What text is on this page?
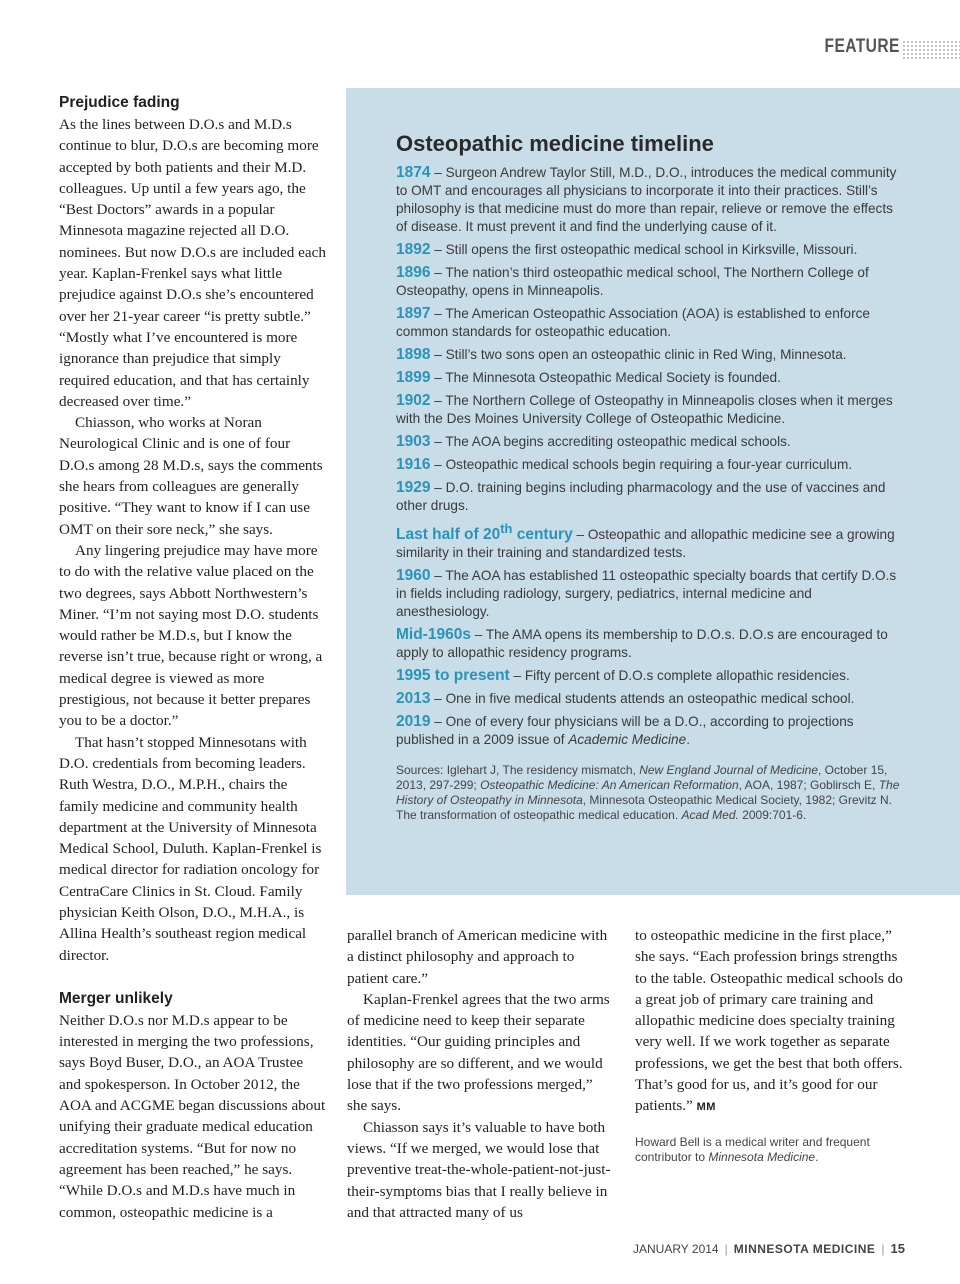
FEATURE
Prejudice fading

As the lines between D.O.s and M.D.s continue to blur, D.O.s are becoming more accepted by both patients and their M.D. colleagues. Up until a few years ago, the “Best Doctors” awards in a popular Minnesota magazine rejected all D.O. nominees. But now D.O.s are included each year. Kaplan-Frenkel says what little prejudice against D.O.s she’s encountered over her 21-year career “is pretty subtle.” “Mostly what I’ve encountered is more ignorance than prejudice that simply required education, and that has certainly decreased over time.”

Chiasson, who works at Noran Neurological Clinic and is one of four D.O.s among 28 M.D.s, says the comments she hears from colleagues are generally positive. “They want to know if I can use OMT on their sore neck,” she says.

Any lingering prejudice may have more to do with the relative value placed on the two degrees, says Abbott Northwestern’s Miner. “I’m not saying most D.O. students would rather be M.D.s, but I know the reverse isn’t true, because right or wrong, a medical degree is viewed as more prestigious, not because it better prepares you to be a doctor.”

That hasn’t stopped Minnesotans with D.O. credentials from becoming leaders. Ruth Westra, D.O., M.P.H., chairs the family medicine and community health department at the University of Minnesota Medical School, Duluth. Kaplan-Frenkel is medical director for radiation oncology for CentraCare Clinics in St. Cloud. Family physician Keith Olson, D.O., M.H.A., is Allina Health’s southeast region medical director.

Merger unlikely

Neither D.O.s nor M.D.s appear to be interested in merging the two professions, says Boyd Buser, D.O., an AOA Trustee and spokesperson. In October 2012, the AOA and ACGME began discussions about unifying their graduate medical education accreditation systems. “But for now no agreement has been reached,” he says. “While D.O.s and M.D.s have much in common, osteopathic medicine is a

Osteopathic medicine timeline
1874 – Surgeon Andrew Taylor Still, M.D., D.O., introduces the medical community to OMT and encourages all physicians to incorporate it into their practices. Still’s philosophy is that medicine must do more than repair, relieve or remove the effects of disease. It must prevent it and find the underlying cause of it.
1892 – Still opens the first osteopathic medical school in Kirksville, Missouri.
1896 – The nation’s third osteopathic medical school, The Northern College of Osteopathy, opens in Minneapolis.
1897 – The American Osteopathic Association (AOA) is established to enforce common standards for osteopathic education.
1898 – Still’s two sons open an osteopathic clinic in Red Wing, Minnesota.
1899 – The Minnesota Osteopathic Medical Society is founded.
1902 – The Northern College of Osteopathy in Minneapolis closes when it merges with the Des Moines University College of Osteopathic Medicine.
1903 – The AOA begins accrediting osteopathic medical schools.
1916 – Osteopathic medical schools begin requiring a four-year curriculum.
1929 – D.O. training begins including pharmacology and the use of vaccines and other drugs.
Last half of 20th century – Osteopathic and allopathic medicine see a growing similarity in their training and standardized tests.
1960 – The AOA has established 11 osteopathic specialty boards that certify D.O.s in fields including radiology, surgery, pediatrics, internal medicine and anesthesiology.
Mid-1960s – The AMA opens its membership to D.O.s. D.O.s are encouraged to apply to allopathic residency programs.
1995 to present – Fifty percent of D.O.s complete allopathic residencies.
2013 – One in five medical students attends an osteopathic medical school.
2019 – One of every four physicians will be a D.O., according to projections published in a 2009 issue of Academic Medicine.
Sources: Iglehart J, The residency mismatch, New England Journal of Medicine, October 15, 2013, 297-299; Osteopathic Medicine: An American Reformation, AOA, 1987; Goblirsch E, The History of Osteopathy in Minnesota, Minnesota Osteopathic Medical Society, 1982; Grevitz N. The transformation of osteopathic medical education. Acad Med. 2009:701-6.

parallel branch of American medicine with a distinct philosophy and approach to patient care.”

Kaplan-Frenkel agrees that the two arms of medicine need to keep their separate identities. “Our guiding principles and philosophy are so different, and we would lose that if the two professions merged,” she says.

Chiasson says it’s valuable to have both views. “If we merged, we would lose that preventive treat-the-whole-patient-not-just-their-symptoms bias that I really believe in and that attracted many of us

to osteopathic medicine in the first place,” she says. “Each profession brings strengths to the table. Osteopathic medical schools do a great job of primary care training and allopathic medicine does specialty training very well. If we work together as separate professions, we get the best that both offers. That’s good for us, and it’s good for our patients.” MM

Howard Bell is a medical writer and frequent contributor to Minnesota Medicine.

JANUARY 2014 | MINNESOTA MEDICINE | 15
